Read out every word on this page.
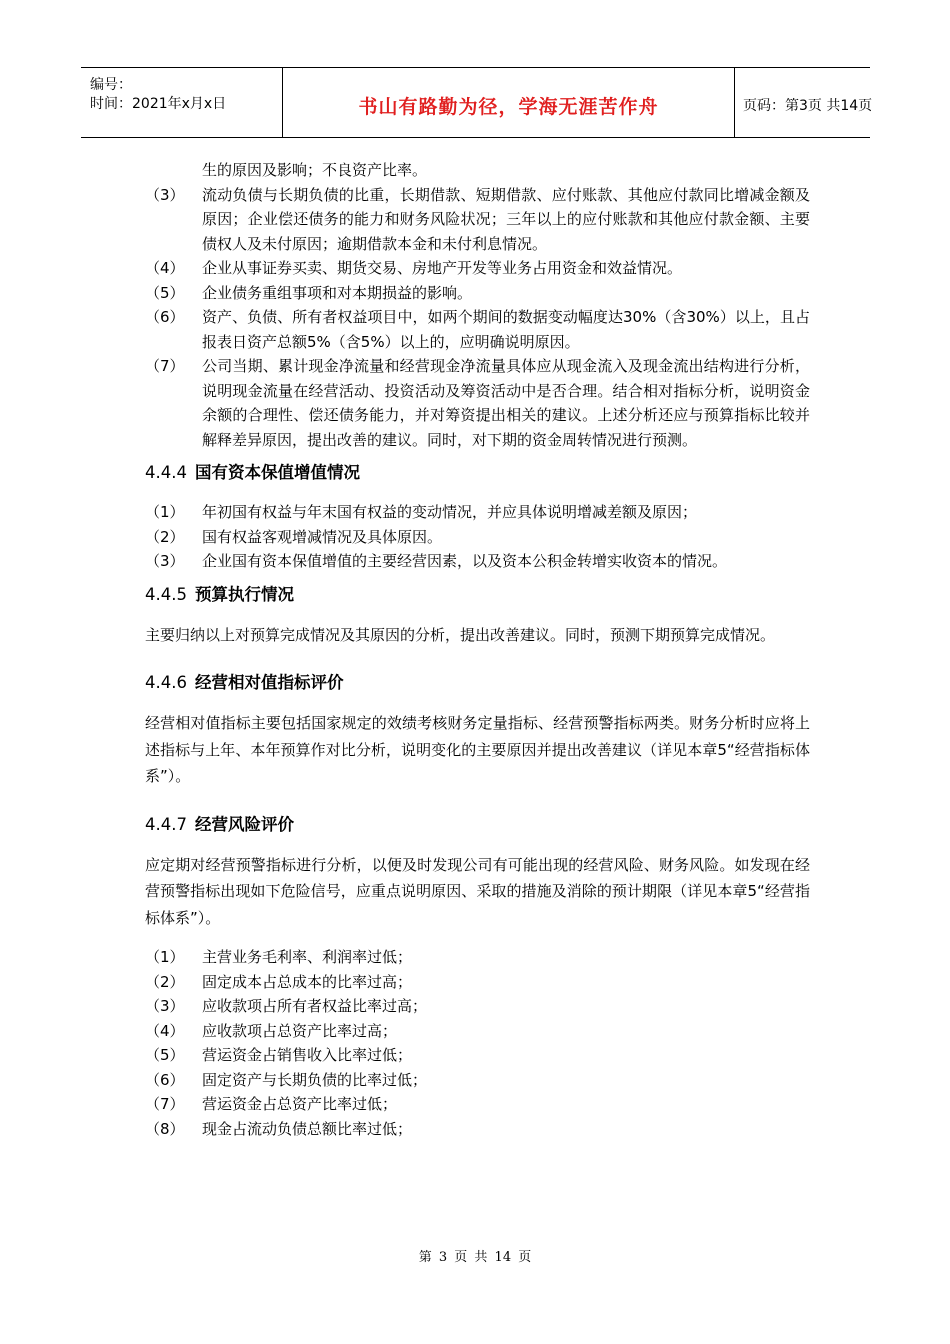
编号：
时间：2021年x月x日	书山有路勤为径，学海无涯苦作舟	页码：第3页 共14页
生的原因及影响；不良资产比率。
（3）	流动负债与长期负债的比重，长期借款、短期借款、应付账款、其他应付款同比增减金额及原因；企业偿还债务的能力和财务风险状况；三年以上的应付账款和其他应付款金额、主要债权人及未付原因；逾期借款本金和未付利息情况。
（4）	企业从事证券买卖、期货交易、房地产开发等业务占用资金和效益情况。
（5）	企业债务重组事项和对本期损益的影响。
（6）	资产、负债、所有者权益项目中，如两个期间的数据变动幅度达30%（含30%）以上，且占报表日资产总额5%（含5%）以上的，应明确说明原因。
（7）	公司当期、累计现金净流量和经营现金净流量具体应从现金流入及现金流出结构进行分析，说明现金流量在经营活动、投资活动及筹资活动中是否合理。结合相对指标分析，说明资金余额的合理性、偿还债务能力，并对筹资提出相关的建议。上述分析还应与预算指标比较并解释差异原因，提出改善的建议。同时，对下期的资金周转情况进行预测。
4.4.4 国有资本保值增值情况
（1）	年初国有权益与年末国有权益的变动情况，并应具体说明增减差额及原因；
（2）	国有权益客观增减情况及具体原因。
（3）	企业国有资本保值增值的主要经营因素，以及资本公积金转增实收资本的情况。
4.4.5 预算执行情况
主要归纳以上对预算完成情况及其原因的分析，提出改善建议。同时，预测下期预算完成情况。
4.4.6 经营相对值指标评价
经营相对值指标主要包括国家规定的效绩考核财务定量指标、经营预警指标两类。财务分析时应将上述指标与上年、本年预算作对比分析，说明变化的主要原因并提出改善建议（详见本章5“经营指标体系”）。
4.4.7 经营风险评价
应定期对经营预警指标进行分析，以便及时发现公司有可能出现的经营风险、财务风险。如发现在经营预警指标出现如下危险信号，应重点说明原因、采取的措施及消除的预计期限（详见本章5“经营指标体系”）。
（1）	主营业务毛利率、利润率过低；
（2）	固定成本占总成本的比率过高；
（3）	应收款项占所有者权益比率过高；
（4）	应收款项占总资产比率过高；
（5）	营运资金占销售收入比率过低；
（6）	固定资产与长期负债的比率过低；
（7）	营运资金占总资产比率过低；
（8）	现金占流动负债总额比率过低；
第 3 页 共 14 页
